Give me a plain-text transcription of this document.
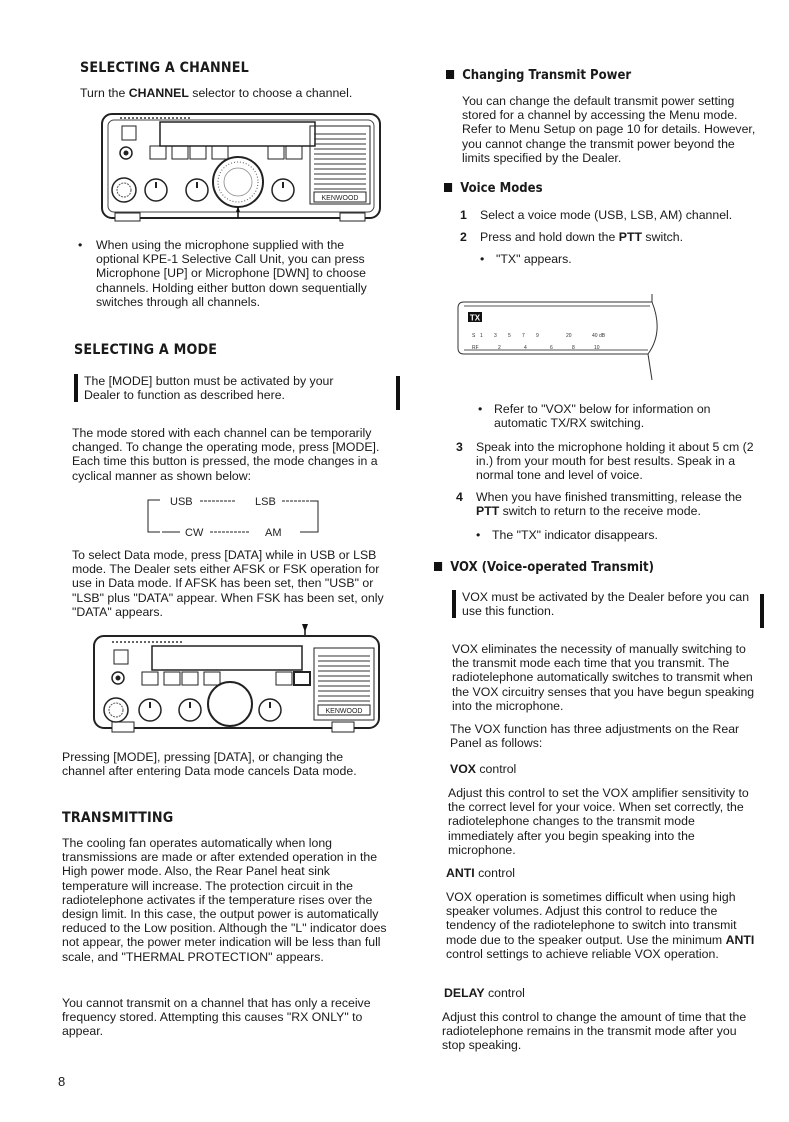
SELECTING A CHANNEL

Turn the CHANNEL selector to choose a channel.

KENWOOD
• When using the microphone supplied with the optional KPE-1 Selective Call Unit, you can press Microphone [UP] or Microphone [DWN] to choose channels. Holding either button down sequentially switches through all channels.
SELECTING A MODE
The [MODE] button must be activated by your Dealer to function as described here.

The mode stored with each channel can be temporarily changed. To change the operating mode, press [MODE]. Each time this button is pressed, the mode changes in a cyclical manner as shown below:

USB	LSB
CW	AM

To select Data mode, press [DATA] while in USB or LSB mode. The Dealer sets either AFSK or FSK operation for use in Data mode. If AFSK has been set, then "USB" or "LSB" plus "DATA" appear. When FSK has been set, only "DATA" appears.

KENWOOD

Pressing [MODE], pressing [DATA], or changing the channel after entering Data mode cancels Data mode.

TRANSMITTING

The cooling fan operates automatically when long transmissions are made or after extended operation in the High power mode. Also, the Rear Panel heat sink temperature will increase. The protection circuit in the radiotelephone activates if the temperature rises over the design limit. In this case, the output power is automatically reduced to the Low position. Although the "L" indicator does not appear, the power meter indication will be less than full scale, and "THERMAL PROTECTION" appears.

You cannot transmit on a channel that has only a receive frequency stored. Attempting this causes "RX ONLY" to appear.

Changing Transmit Power

You can change the default transmit power setting stored for a channel by accessing the Menu mode. Refer to Menu Setup on page 10 for details. However, you cannot change the transmit power beyond the limits specified by the Dealer.

Voice Modes
1 Select a voice mode (USB, LSB, AM) channel.
2 Press and hold down the PTT switch.
• "TX" appears.
TX
S 1 3 5 7 9	20	40 dB
RF	2	4	6	8	10
• Refer to "VOX" below for information on automatic TX/RX switching.
3 Speak into the microphone holding it about 5 cm (2 in.) from your mouth for best results. Speak in a normal tone and level of voice.
4 When you have finished transmitting, release the PTT switch to return to the receive mode.
• The "TX" indicator disappears.
VOX (Voice-operated Transmit)
VOX must be activated by the Dealer before you can use this function.

VOX eliminates the necessity of manually switching to the transmit mode each time that you transmit. The radiotelephone automatically switches to transmit when the VOX circuitry senses that you have begun speaking into the microphone.

The VOX function has three adjustments on the Rear Panel as follows:

VOX control

Adjust this control to set the VOX amplifier sensitivity to the correct level for your voice. When set correctly, the radiotelephone changes to the transmit mode immediately after you begin speaking into the microphone.

ANTI control

VOX operation is sometimes difficult when using high speaker volumes. Adjust this control to reduce the tendency of the radiotelephone to switch into transmit mode due to the speaker output. Use the minimum ANTI control settings to achieve reliable VOX operation.

DELAY control

Adjust this control to change the amount of time that the radiotelephone remains in the transmit mode after you stop speaking.

8
